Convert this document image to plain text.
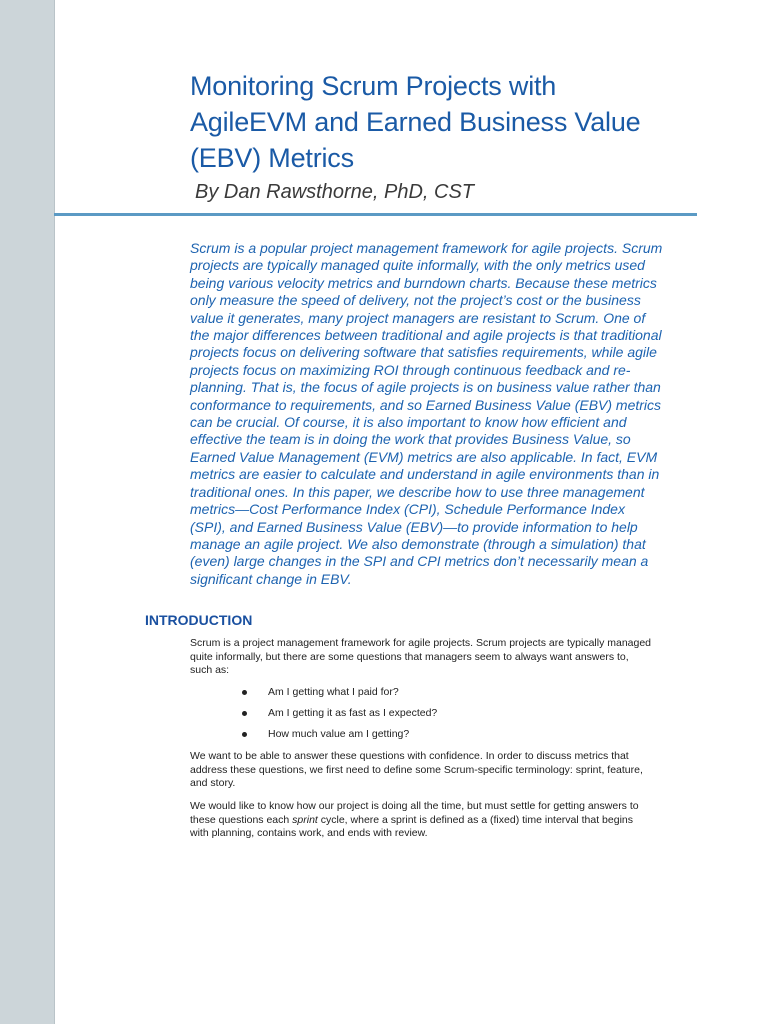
Monitoring Scrum Projects with
AgileEVM and Earned Business Value
(EBV) Metrics

By Dan Rawsthorne, PhD, CST

Scrum is a popular project management framework for agile projects. Scrum
projects are typically managed quite informally, with the only metrics used
being various velocity metrics and burndown charts. Because these metrics
only measure the speed of delivery, not the project’s cost or the business
value it generates, many project managers are resistant to Scrum. One of
the major differences between traditional and agile projects is that traditional
projects focus on delivering software that satisfies requirements, while agile
projects focus on maximizing ROI through continuous feedback and re-
planning. That is, the focus of agile projects is on business value rather than
conformance to requirements, and so Earned Business Value (EBV) metrics
can be crucial. Of course, it is also important to know how efficient and
effective the team is in doing the work that provides Business Value, so
Earned Value Management (EVM) metrics are also applicable. In fact, EVM
metrics are easier to calculate and understand in agile environments than in
traditional ones. In this paper, we describe how to use three management
metrics—Cost Performance Index (CPI), Schedule Performance Index
(SPI), and Earned Business Value (EBV)—to provide information to help
manage an agile project. We also demonstrate (through a simulation) that
(even) large changes in the SPI and CPI metrics don’t necessarily mean a
significant change in EBV.

INTRODUCTION

Scrum is a project management framework for agile projects. Scrum projects are typically managed
quite informally, but there are some questions that managers seem to always want answers to,
such as:

Am I getting what I paid for?
Am I getting it as fast as I expected?
How much value am I getting?

We want to be able to answer these questions with confidence. In order to discuss metrics that
address these questions, we first need to define some Scrum-specific terminology: sprint, feature,
and story.

We would like to know how our project is doing all the time, but must settle for getting answers to
these questions each sprint cycle, where a sprint is defined as a (fixed) time interval that begins
with planning, contains work, and ends with review.
